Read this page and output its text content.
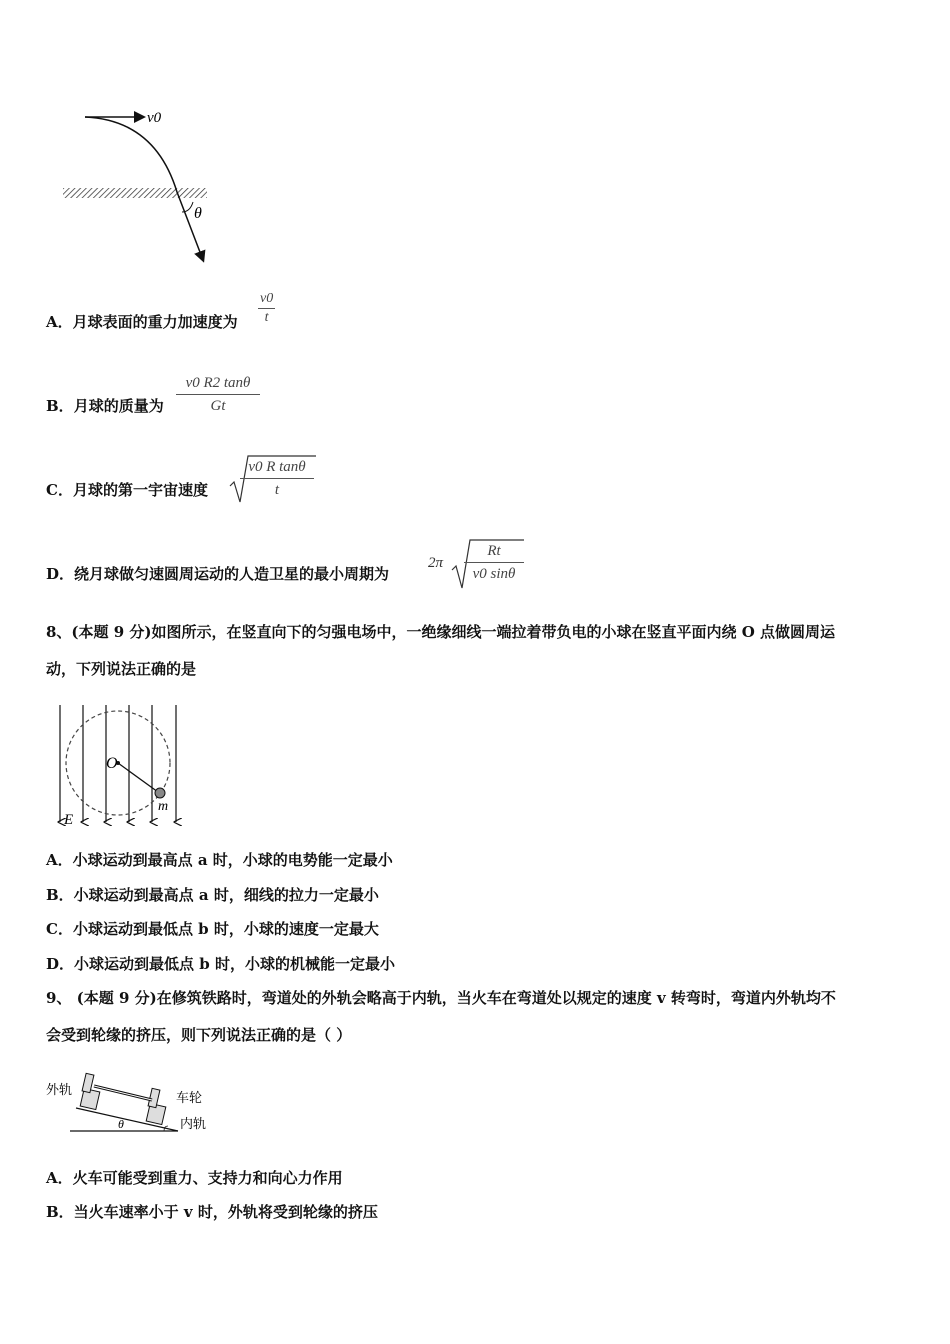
v0
θ
A．月球表面的重力加速度为 $\frac{v0}{t}$
B．月球的质量为 $\frac{v0 R2 \tan\theta}{Gt}$
C．月球的第一宇宙速度 $\frac{\text{v0 R tanθ}}{t}$
D．绕月球做匀速圆周运动的人造卫星的最小周期为
$2\pi \frac{Rt}{v0 \sin\theta}$
8、(本题 9 分)如图所示，在竖直向下的匀强电场中，一绝缘细线一端拉着带负电的小球在竖直平面内绕 O 点做圆周运
动，下列说法正确的是
O
E
m
A．小球运动到最高点 a 时，小球的电势能一定最小
B．小球运动到最高点 a 时，细线的拉力一定最小
C．小球运动到最低点 b 时，小球的速度一定最大
D．小球运动到最低点 b 时，小球的机械能一定最小
9、 (本题 9 分)在修筑铁路时，弯道处的外轨会略高于内轨，当火车在弯道处以规定的速度 v 转弯时，弯道内外轨均不
会受到轮缘的挤压，则下列说法正确的是（ ）
外轨
车轮
内轨
θ
A．火车可能受到重力、支持力和向心力作用
B．当火车速率小于 v 时，外轨将受到轮缘的挤压
